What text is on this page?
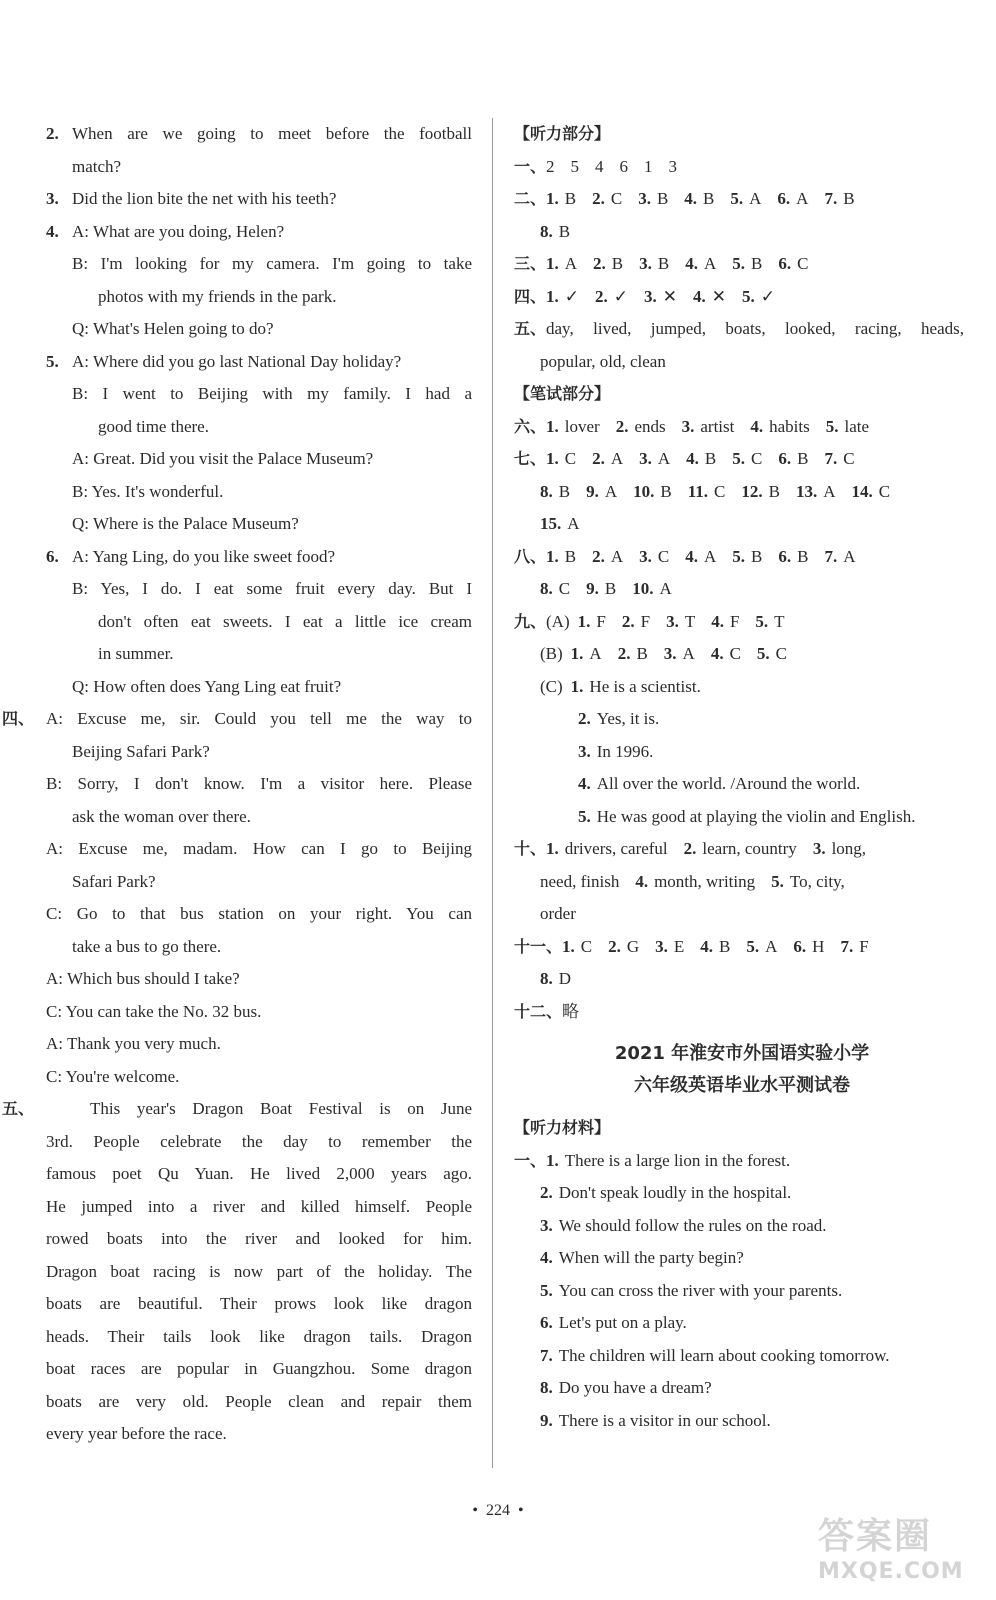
2. When are we going to meet before the football
match?
3. Did the lion bite the net with his teeth?
4. A: What are you doing, Helen?
B: I'm looking for my camera. I'm going to take
photos with my friends in the park.
Q: What's Helen going to do?
5. A: Where did you go last National Day holiday?
B: I went to Beijing with my family. I had a
good time there.
A: Great. Did you visit the Palace Museum?
B: Yes. It's wonderful.
Q: Where is the Palace Museum?
6. A: Yang Ling, do you like sweet food?
B: Yes, I do. I eat some fruit every day. But I
don't often eat sweets. I eat a little ice cream
in summer.
Q: How often does Yang Ling eat fruit?
四、 A: Excuse me, sir. Could you tell me the way to
Beijing Safari Park?
B: Sorry, I don't know. I'm a visitor here. Please
ask the woman over there.
A: Excuse me, madam. How can I go to Beijing
Safari Park?
C: Go to that bus station on your right. You can
take a bus to go there.
A: Which bus should I take?
C: You can take the No. 32 bus.
A: Thank you very much.
C: You're welcome.
五、	This year's Dragon Boat Festival is on June
3rd. People celebrate the day to remember the
famous poet Qu Yuan. He lived 2,000 years ago.
He jumped into a river and killed himself. People
rowed boats into the river and looked for him.
Dragon boat racing is now part of the holiday. The
boats are beautiful. Their prows look like dragon
heads. Their tails look like dragon tails. Dragon
boat races are popular in Guangzhou. Some dragon
boats are very old. People clean and repair them
every year before the race.
【听力部分】
一、2 5 4 6 1 3
二、1. B 2. C 3. B 4. B 5. A 6. A 7. B
8. B
三、1. A 2. B 3. B 4. A 5. B 6. C
四、1. ✓ 2. ✓ 3. ✕ 4. ✕ 5. ✓
五、day, lived, jumped, boats, looked, racing, heads,
popular, old, clean
【笔试部分】
六、1. lover 2. ends 3. artist 4. habits 5. late
七、1. C 2. A 3. A 4. B 5. C 6. B 7. C
8. B 9. A 10. B 11. C 12. B 13. A 14. C
15. A
八、1. B 2. A 3. C 4. A 5. B 6. B 7. A
8. C 9. B 10. A
九、(A) 1. F 2. F 3. T 4. F 5. T
(B) 1. A 2. B 3. A 4. C 5. C
(C) 1. He is a scientist.
2. Yes, it is.
3. In 1996.
4. All over the world. /Around the world.
5. He was good at playing the violin and English.
十、1. drivers, careful 2. learn, country 3. long,
need, finish 4. month, writing 5. To, city,
order
十一、1. C 2. G 3. E 4. B 5. A 6. H 7. F
8. D
十二、略
2021 年淮安市外国语实验小学
六年级英语毕业水平测试卷
【听力材料】
一、1. There is a large lion in the forest.
2. Don't speak loudly in the hospital.
3. We should follow the rules on the road.
4. When will the party begin?
5. You can cross the river with your parents.
6. Let's put on a play.
7. The children will learn about cooking tomorrow.
8. Do you have a dream?
9. There is a visitor in our school.
• 224 •
答案圈
MXQE.COM
